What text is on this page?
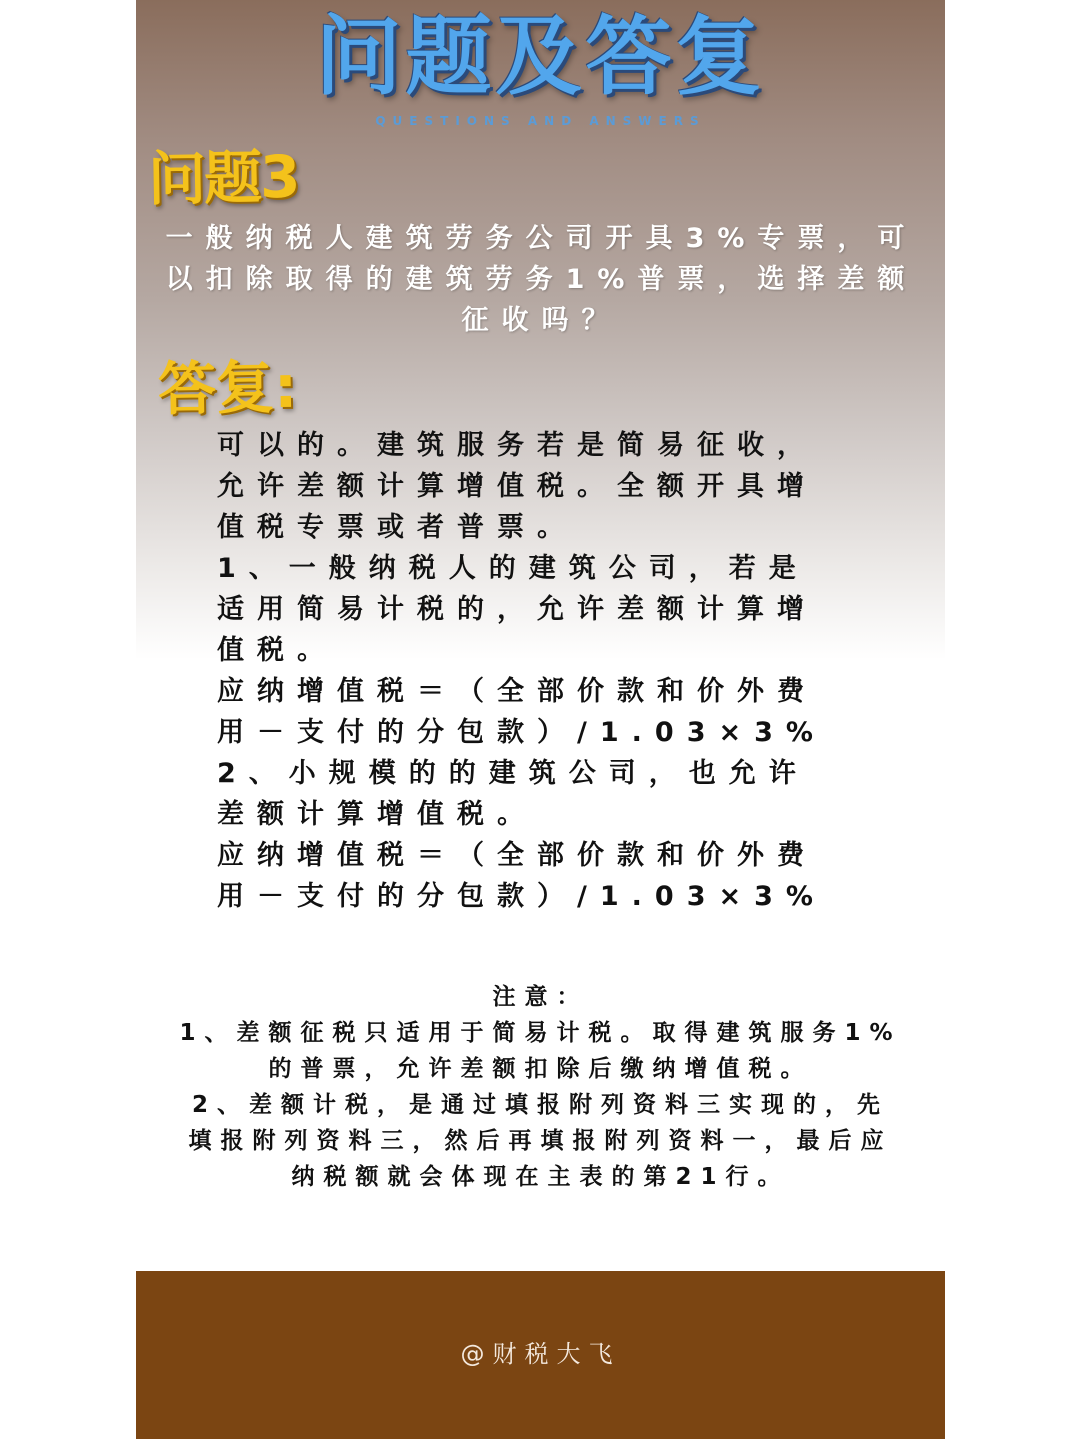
问题及答复
QUESTIONS AND ANSWERS
问题3
一般纳税人建筑劳务公司开具3%专票，可
以扣除取得的建筑劳务1%普票，选择差额
征收吗？
答复:
可以的。建筑服务若是简易征收，
允许差额计算增值税。全额开具增
值税专票或者普票。
1、一般纳税人的建筑公司，若是
适用简易计税的，允许差额计算增
值税。
应纳增值税＝（全部价款和价外费
用－支付的分包款）/1.03×3%
2、小规模的的建筑公司，也允许
差额计算增值税。
应纳增值税＝（全部价款和价外费
用－支付的分包款）/1.03×3%
注意：
1、差额征税只适用于简易计税。取得建筑服务1%
的普票，允许差额扣除后缴纳增值税。
2、差额计税，是通过填报附列资料三实现的，先
填报附列资料三，然后再填报附列资料一，最后应
纳税额就会体现在主表的第21行。
@财税大飞
